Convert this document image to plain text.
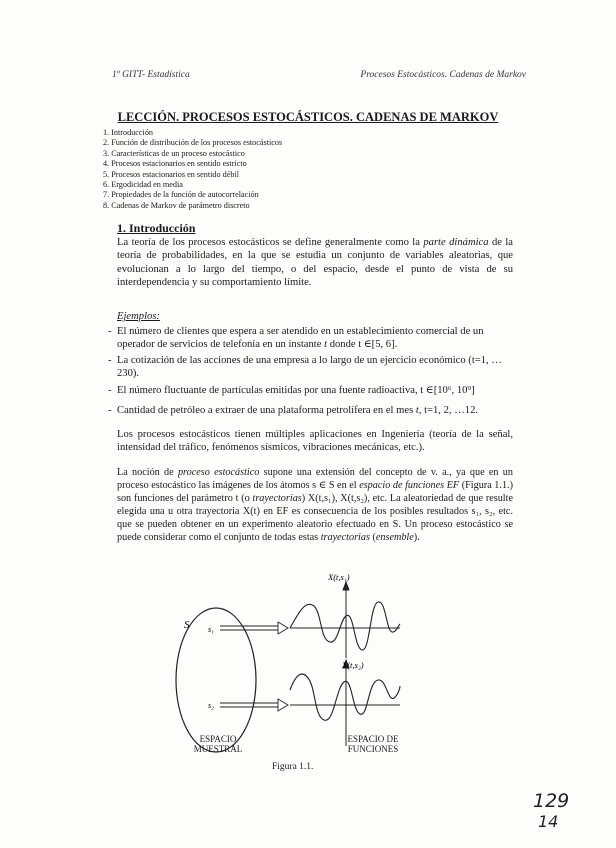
1º GITT- Estadística	Procesos Estocásticos. Cadenas de Markov
LECCIÓN. PROCESOS ESTOCÁSTICOS. CADENAS DE MARKOV
1. Introducción
2. Función de distribución de los procesos estocásticos
3. Características de un proceso estocástico
4. Procesos estacionarios en sentido estricto
5. Procesos estacionarios en sentido débil
6. Ergodicidad en media
7. Propiedades de la función de autocorrelación
8. Cadenas de Markov de parámetro discreto
1. Introducción
La teoría de los procesos estocásticos se define generalmente como la parte dinámica de la teoría de probabilidades, en la que se estudia un conjunto de variables aleatorias, que evolucionan a lo largo del tiempo, o del espacio, desde el punto de vista de su interdependencia y su comportamiento límite.
Ejemplos:
- El número de clientes que espera a ser atendido en un establecimiento comercial de un operador de servicios de telefonía en un instante t donde t ∈[5, 6].
- La cotización de las acciones de una empresa a lo largo de un ejercicio económico (t=1, …230).
- El número fluctuante de partículas emitidas por una fuente radioactiva, t ∈[10⁶, 10⁹]
- Cantidad de petróleo a extraer de una plataforma petrolífera en el mes t, t=1, 2, …12.
Los procesos estocásticos tienen múltiples aplicaciones en Ingeniería (teoría de la señal, intensidad del tráfico, fenómenos sísmicos, vibraciones mecánicas, etc.).
La noción de proceso estocástico supone una extensión del concepto de v. a., ya que en un proceso estocástico las imágenes de los átomos s ∈ S en el espacio de funciones EF (Figura 1.1.) son funciones del parámetro t (o trayectorias) X(t,s₁), X(t,s₂), etc. La aleatoriedad de que resulte elegida una u otra trayectoria X(t) en EF es consecuencia de los posibles resultados s₁, s₂, etc. que se pueden obtener en un experimento aleatorio efectuado en S. Un proceso estocástico se puede considerar como el conjunto de todas estas trayectorias (ensemble).
S s₁
s₂
X(t,s₁)
X(t,s₂)
ESPACIO
MUESTRAL
ESPACIO DE
FUNCIONES
Figura 1.1.
129
14
